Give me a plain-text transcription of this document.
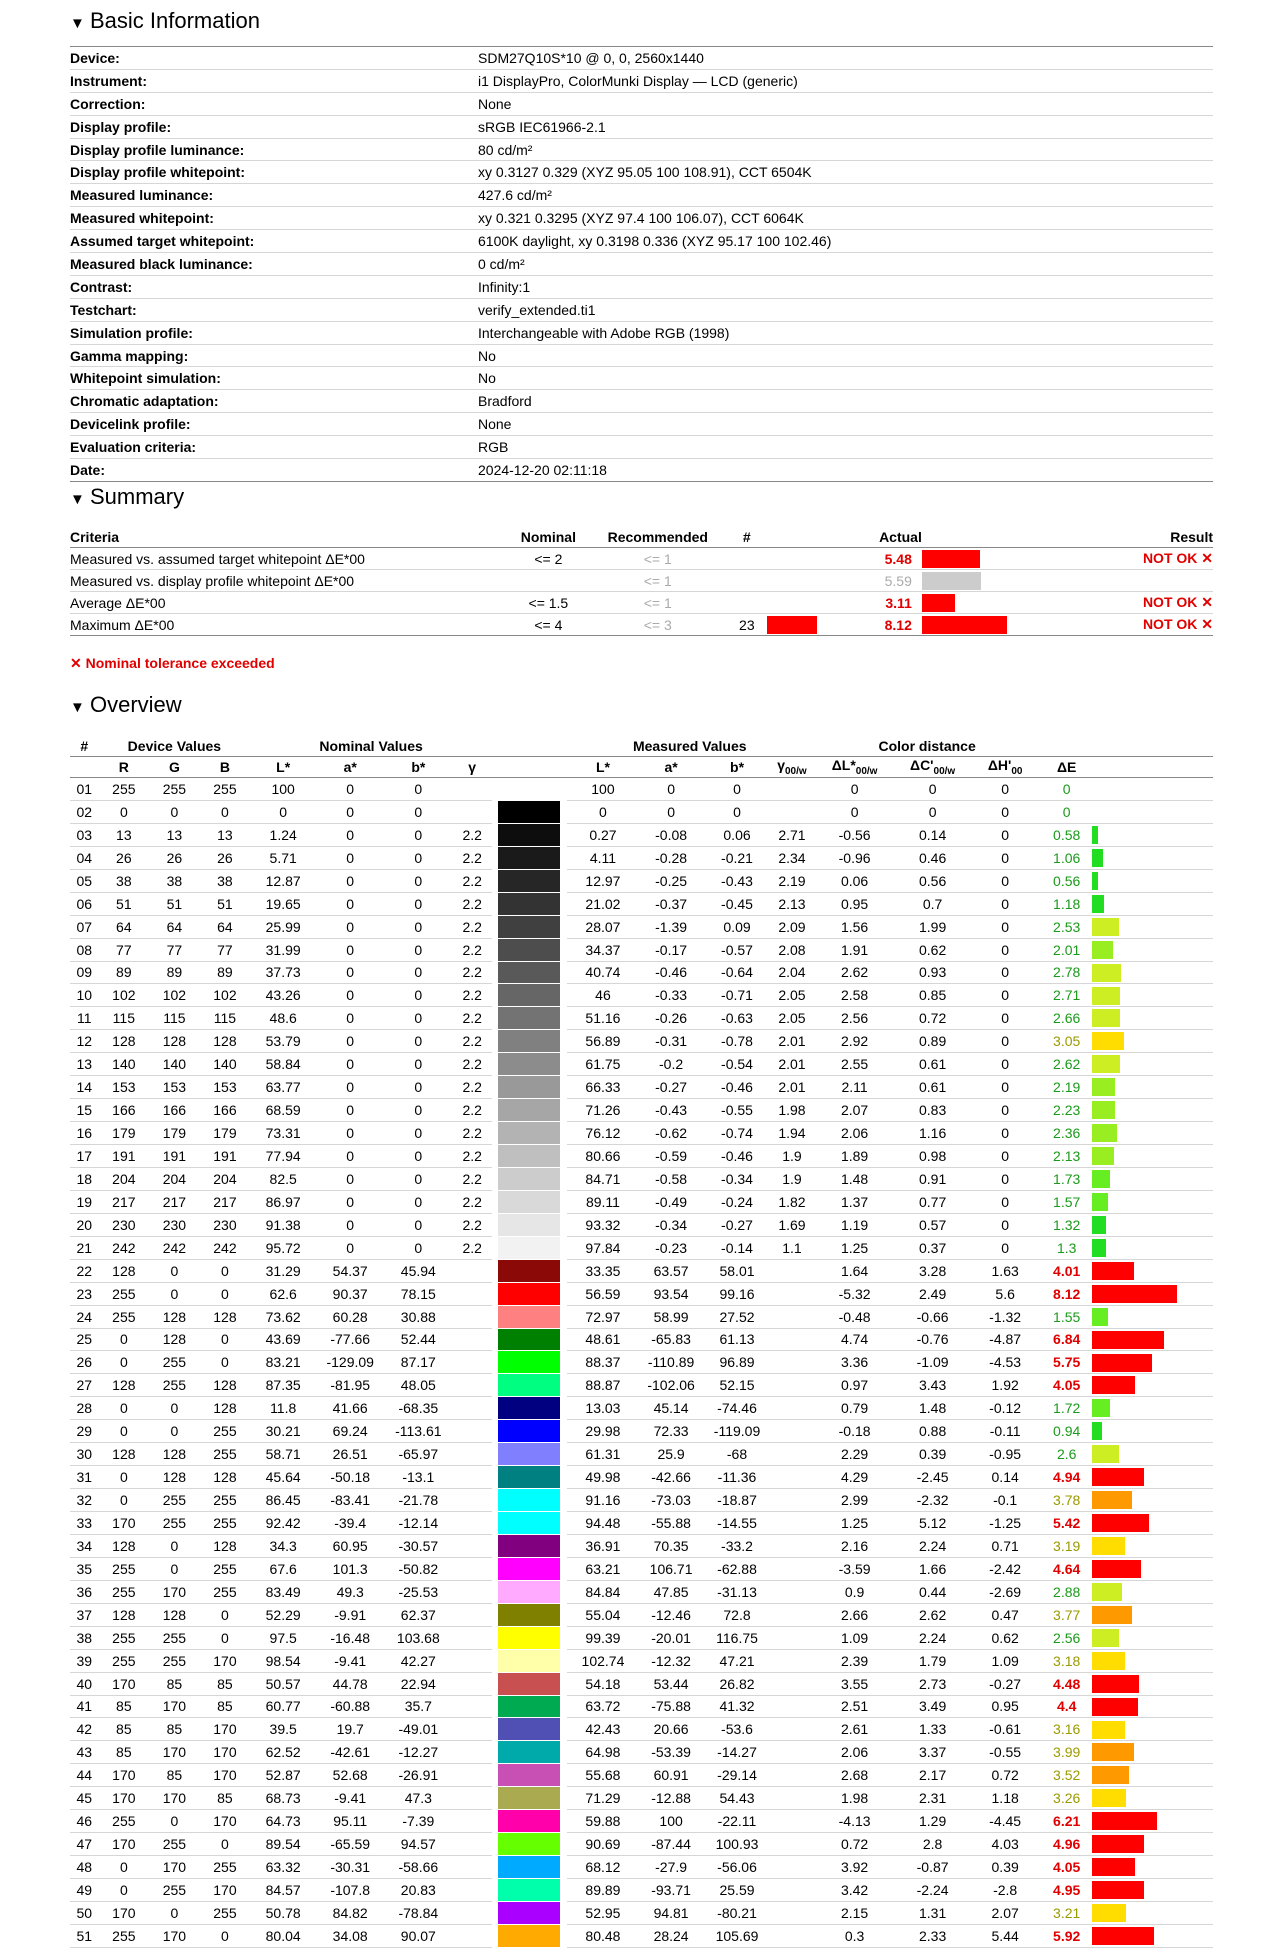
▼ Basic Information
Device:	SDM27Q10S*10 @ 0, 0, 2560x1440
Instrument:	i1 DisplayPro, ColorMunki Display — LCD (generic)
Correction:	None
Display profile:	sRGB IEC61966-2.1
Display profile luminance:	80 cd/m²
Display profile whitepoint:	xy 0.3127 0.329 (XYZ 95.05 100 108.91), CCT 6504K
Measured luminance:	427.6 cd/m²
Measured whitepoint:	xy 0.321 0.3295 (XYZ 97.4 100 106.07), CCT 6064K
Assumed target whitepoint:	6100K daylight, xy 0.3198 0.336 (XYZ 95.17 100 102.46)
Measured black luminance:	0 cd/m²
Contrast:	Infinity:1
Testchart:	verify_extended.ti1
Simulation profile:	Interchangeable with Adobe RGB (1998)
Gamma mapping:	No
Whitepoint simulation:	No
Chromatic adaptation:	Bradford
Devicelink profile:	None
Evaluation criteria:	RGB
Date:	2024-12-20 02:11:18
▼ Summary
Criteria	Nominal	Recommended	#		Actual		Result
Measured vs. assumed target whitepoint ΔE*00	<= 2	<= 1			5.48		NOT OK ✕
Measured vs. display profile whitepoint ΔE*00		<= 1			5.59		
Average ΔE*00	<= 1.5	<= 1			3.11		NOT OK ✕
Maximum ΔE*00	<= 4	<= 3	23		8.12		NOT OK ✕
✕ Nominal tolerance exceeded
▼ Overview
#	Device Values			Nominal Values					Measured Values				Color distance				
	R	G	B	L*	a*	b*	γ		L*	a*	b*	$\gamma_{00/w}$	$\Delta L*_{00/w}$	$\Delta C'_{00/w}$	$\Delta H'_{00}$	ΔE	
01	255	255	255	100	0	0			100	0	0		0	0	0	0	
02	0	0	0	0	0	0			0	0	0		0	0	0	0	
03	13	13	13	1.24	0	0	2.2		0.27	-0.08	0.06	2.71	-0.56	0.14	0	0.58	
04	26	26	26	5.71	0	0	2.2		4.11	-0.28	-0.21	2.34	-0.96	0.46	0	1.06	
05	38	38	38	12.87	0	0	2.2		12.97	-0.25	-0.43	2.19	0.06	0.56	0	0.56	
06	51	51	51	19.65	0	0	2.2		21.02	-0.37	-0.45	2.13	0.95	0.7	0	1.18	
07	64	64	64	25.99	0	0	2.2		28.07	-1.39	0.09	2.09	1.56	1.99	0	2.53	
08	77	77	77	31.99	0	0	2.2		34.37	-0.17	-0.57	2.08	1.91	0.62	0	2.01	
09	89	89	89	37.73	0	0	2.2		40.74	-0.46	-0.64	2.04	2.62	0.93	0	2.78	
10	102	102	102	43.26	0	0	2.2		46	-0.33	-0.71	2.05	2.58	0.85	0	2.71	
11	115	115	115	48.6	0	0	2.2		51.16	-0.26	-0.63	2.05	2.56	0.72	0	2.66	
12	128	128	128	53.79	0	0	2.2		56.89	-0.31	-0.78	2.01	2.92	0.89	0	3.05	
13	140	140	140	58.84	0	0	2.2		61.75	-0.2	-0.54	2.01	2.55	0.61	0	2.62	
14	153	153	153	63.77	0	0	2.2		66.33	-0.27	-0.46	2.01	2.11	0.61	0	2.19	
15	166	166	166	68.59	0	0	2.2		71.26	-0.43	-0.55	1.98	2.07	0.83	0	2.23	
16	179	179	179	73.31	0	0	2.2		76.12	-0.62	-0.74	1.94	2.06	1.16	0	2.36	
17	191	191	191	77.94	0	0	2.2		80.66	-0.59	-0.46	1.9	1.89	0.98	0	2.13	
18	204	204	204	82.5	0	0	2.2		84.71	-0.58	-0.34	1.9	1.48	0.91	0	1.73	
19	217	217	217	86.97	0	0	2.2		89.11	-0.49	-0.24	1.82	1.37	0.77	0	1.57	
20	230	230	230	91.38	0	0	2.2		93.32	-0.34	-0.27	1.69	1.19	0.57	0	1.32	
21	242	242	242	95.72	0	0	2.2		97.84	-0.23	-0.14	1.1	1.25	0.37	0	1.3	
22	128	0	0	31.29	54.37	45.94			33.35	63.57	58.01		1.64	3.28	1.63	4.01	
23	255	0	0	62.6	90.37	78.15			56.59	93.54	99.16		-5.32	2.49	5.6	8.12	
24	255	128	128	73.62	60.28	30.88			72.97	58.99	27.52		-0.48	-0.66	-1.32	1.55	
25	0	128	0	43.69	-77.66	52.44			48.61	-65.83	61.13		4.74	-0.76	-4.87	6.84	
26	0	255	0	83.21	-129.09	87.17			88.37	-110.89	96.89		3.36	-1.09	-4.53	5.75	
27	128	255	128	87.35	-81.95	48.05			88.87	-102.06	52.15		0.97	3.43	1.92	4.05	
28	0	0	128	11.8	41.66	-68.35			13.03	45.14	-74.46		0.79	1.48	-0.12	1.72	
29	0	0	255	30.21	69.24	-113.61			29.98	72.33	-119.09		-0.18	0.88	-0.11	0.94	
30	128	128	255	58.71	26.51	-65.97			61.31	25.9	-68		2.29	0.39	-0.95	2.6	
31	0	128	128	45.64	-50.18	-13.1			49.98	-42.66	-11.36		4.29	-2.45	0.14	4.94	
32	0	255	255	86.45	-83.41	-21.78			91.16	-73.03	-18.87		2.99	-2.32	-0.1	3.78	
33	170	255	255	92.42	-39.4	-12.14			94.48	-55.88	-14.55		1.25	5.12	-1.25	5.42	
34	128	0	128	34.3	60.95	-30.57			36.91	70.35	-33.2		2.16	2.24	0.71	3.19	
35	255	0	255	67.6	101.3	-50.82			63.21	106.71	-62.88		-3.59	1.66	-2.42	4.64	
36	255	170	255	83.49	49.3	-25.53			84.84	47.85	-31.13		0.9	0.44	-2.69	2.88	
37	128	128	0	52.29	-9.91	62.37			55.04	-12.46	72.8		2.66	2.62	0.47	3.77	
38	255	255	0	97.5	-16.48	103.68			99.39	-20.01	116.75		1.09	2.24	0.62	2.56	
39	255	255	170	98.54	-9.41	42.27			102.74	-12.32	47.21		2.39	1.79	1.09	3.18	
40	170	85	85	50.57	44.78	22.94			54.18	53.44	26.82		3.55	2.73	-0.27	4.48	
41	85	170	85	60.77	-60.88	35.7			63.72	-75.88	41.32		2.51	3.49	0.95	4.4	
42	85	85	170	39.5	19.7	-49.01			42.43	20.66	-53.6		2.61	1.33	-0.61	3.16	
43	85	170	170	62.52	-42.61	-12.27			64.98	-53.39	-14.27		2.06	3.37	-0.55	3.99	
44	170	85	170	52.87	52.68	-26.91			55.68	60.91	-29.14		2.68	2.17	0.72	3.52	
45	170	170	85	68.73	-9.41	47.3			71.29	-12.88	54.43		1.98	2.31	1.18	3.26	
46	255	0	170	64.73	95.11	-7.39			59.88	100	-22.11		-4.13	1.29	-4.45	6.21	
47	170	255	0	89.54	-65.59	94.57			90.69	-87.44	100.93		0.72	2.8	4.03	4.96	
48	0	170	255	63.32	-30.31	-58.66			68.12	-27.9	-56.06		3.92	-0.87	0.39	4.05	
49	0	255	170	84.57	-107.8	20.83			89.89	-93.71	25.59		3.42	-2.24	-2.8	4.95	
50	170	0	255	50.78	84.82	-78.84			52.95	94.81	-80.21		2.15	1.31	2.07	3.21	
51	255	170	0	80.04	34.08	90.07			80.48	28.24	105.69		0.3	2.33	5.44	5.92	
